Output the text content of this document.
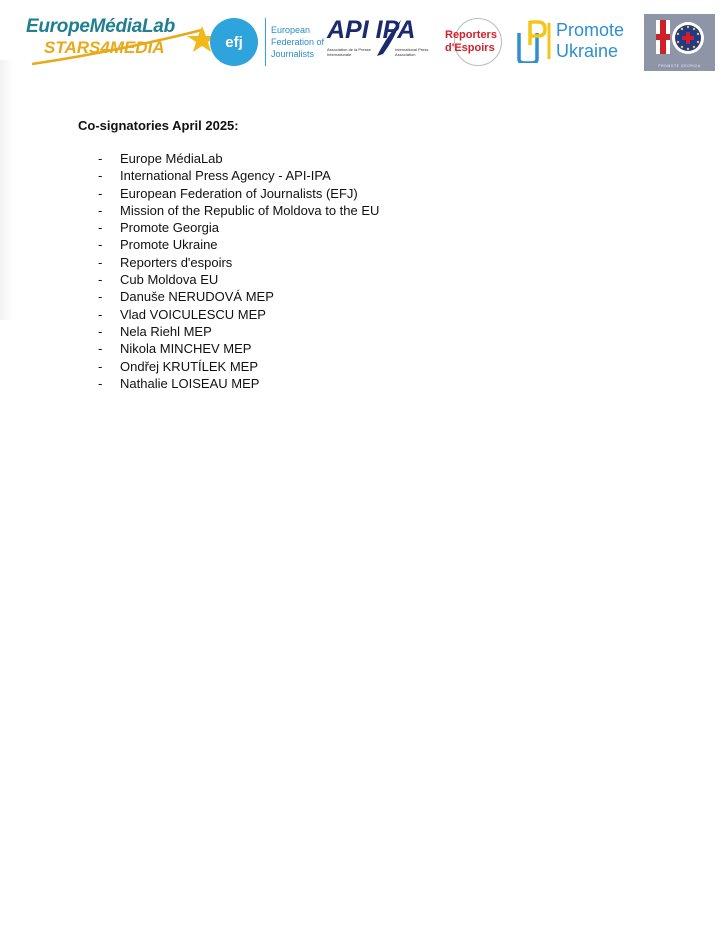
EuropeMédiaLab
STARS4MEDIA	efj
European Federation of Journalists
API IPA
Association de la Presse Internationale
International Press Association
Reporters
d'Espoirs
Promote Ukraine
PROMOTE GEORGIA
Co-signatories April 2025:
- Europe MédiaLab
- International Press Agency - API-IPA
- European Federation of Journalists (EFJ)
- Mission of the Republic of Moldova to the EU
- Promote Georgia
- Promote Ukraine
- Reporters d'espoirs
- Cub Moldova EU
- Danuše NERUDOVÁ MEP
- Vlad VOICULESCU MEP
- Nela Riehl MEP
- Nikola MINCHEV MEP
- Ondřej KRUTÍLEK MEP
- Nathalie LOISEAU MEP
